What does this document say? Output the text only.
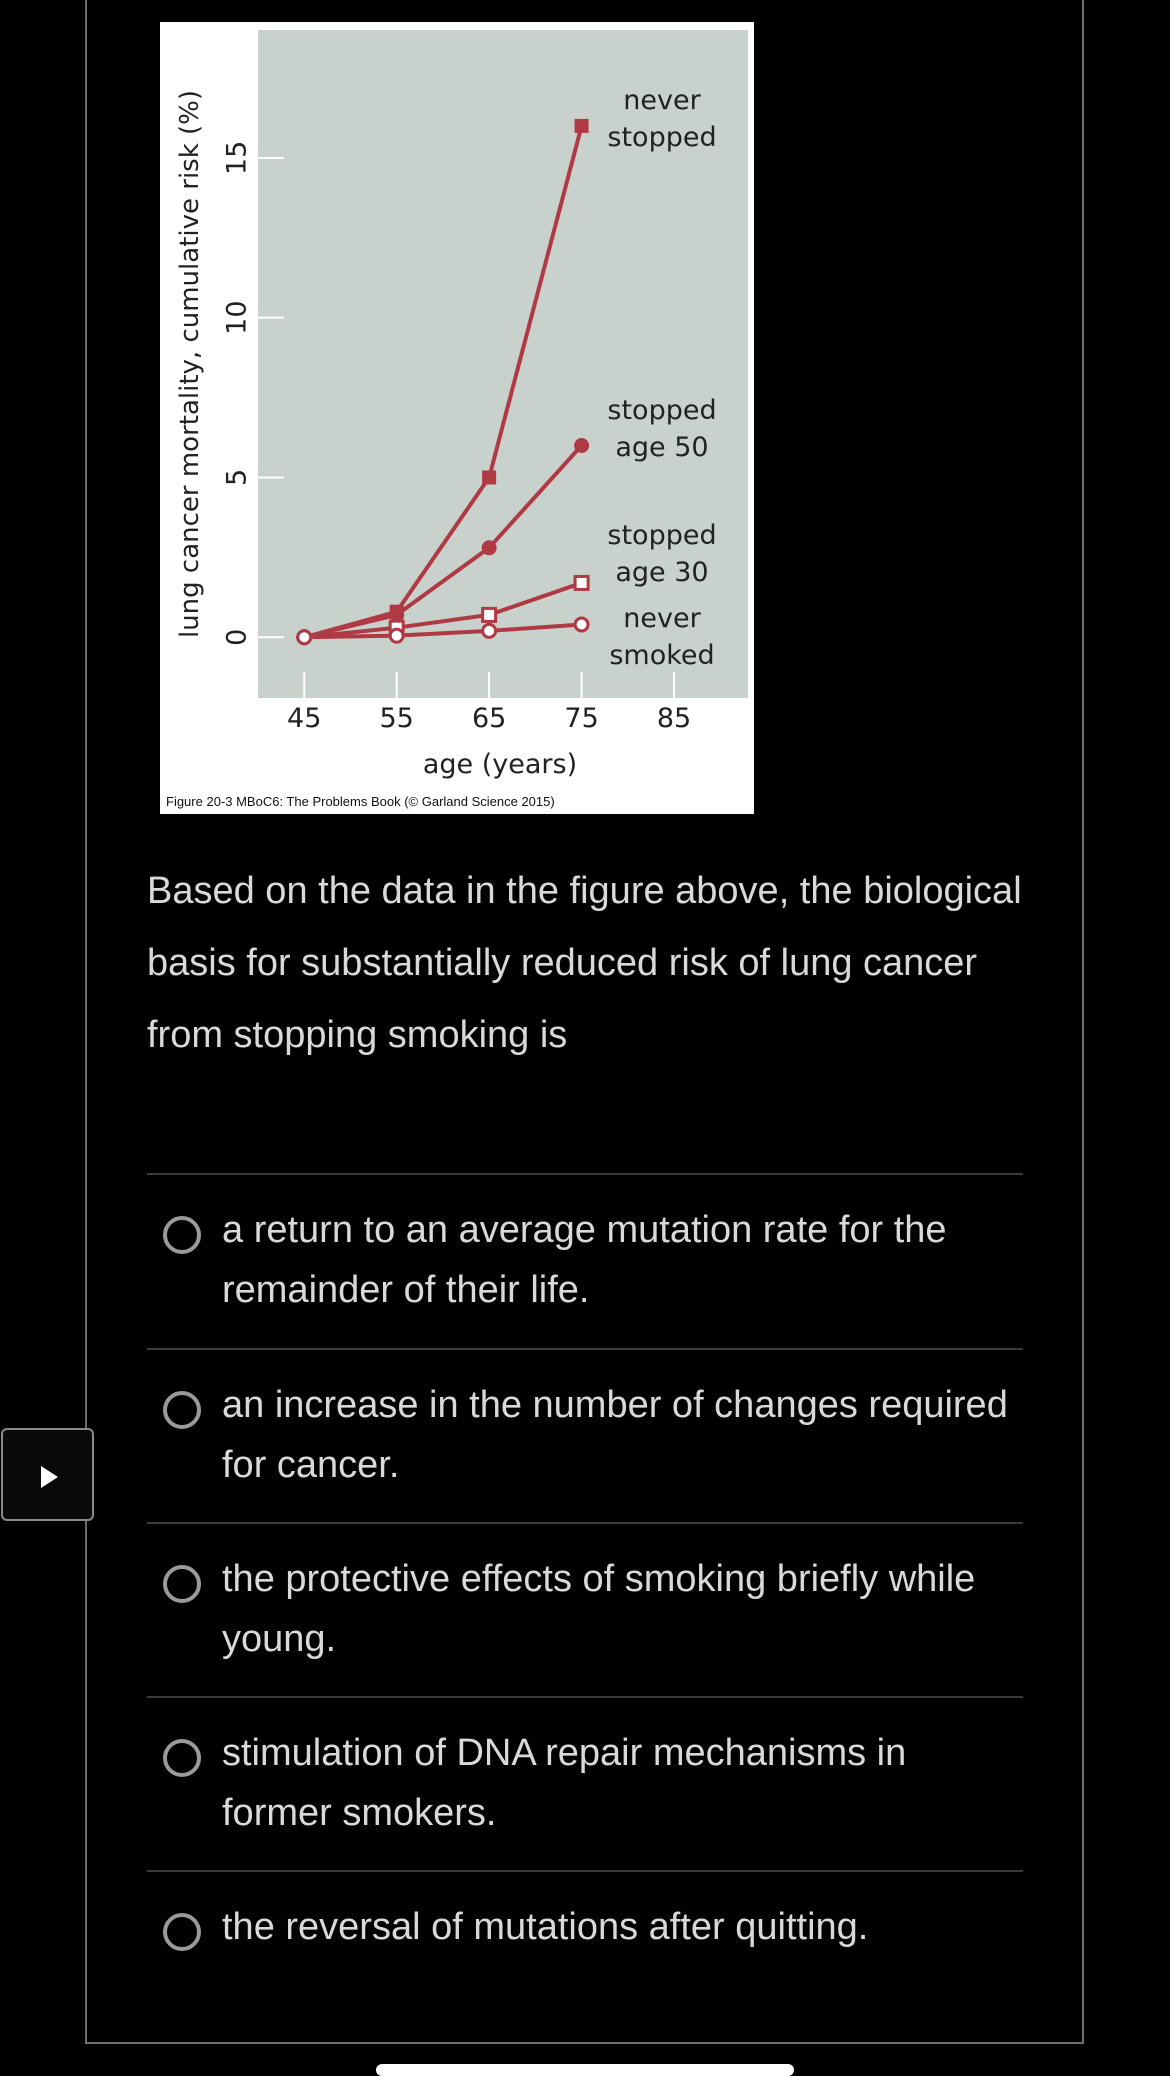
0
5
10
15
45 55 65 75 85
never
stopped
stopped
age 50
stopped
age 30
never
smoked
lung cancer mortality, cumulative risk (%)
age (years)
Figure 20-3 MBoC6: The Problems Book (© Garland Science 2015)
Based on the data in the figure above, the biological basis for substantially reduced risk of lung cancer from stopping smoking is
a return to an average mutation rate for the remainder of their life.
an increase in the number of changes required for cancer.
the protective effects of smoking briefly while young.
stimulation of DNA repair mechanisms in former smokers.
the reversal of mutations after quitting.
